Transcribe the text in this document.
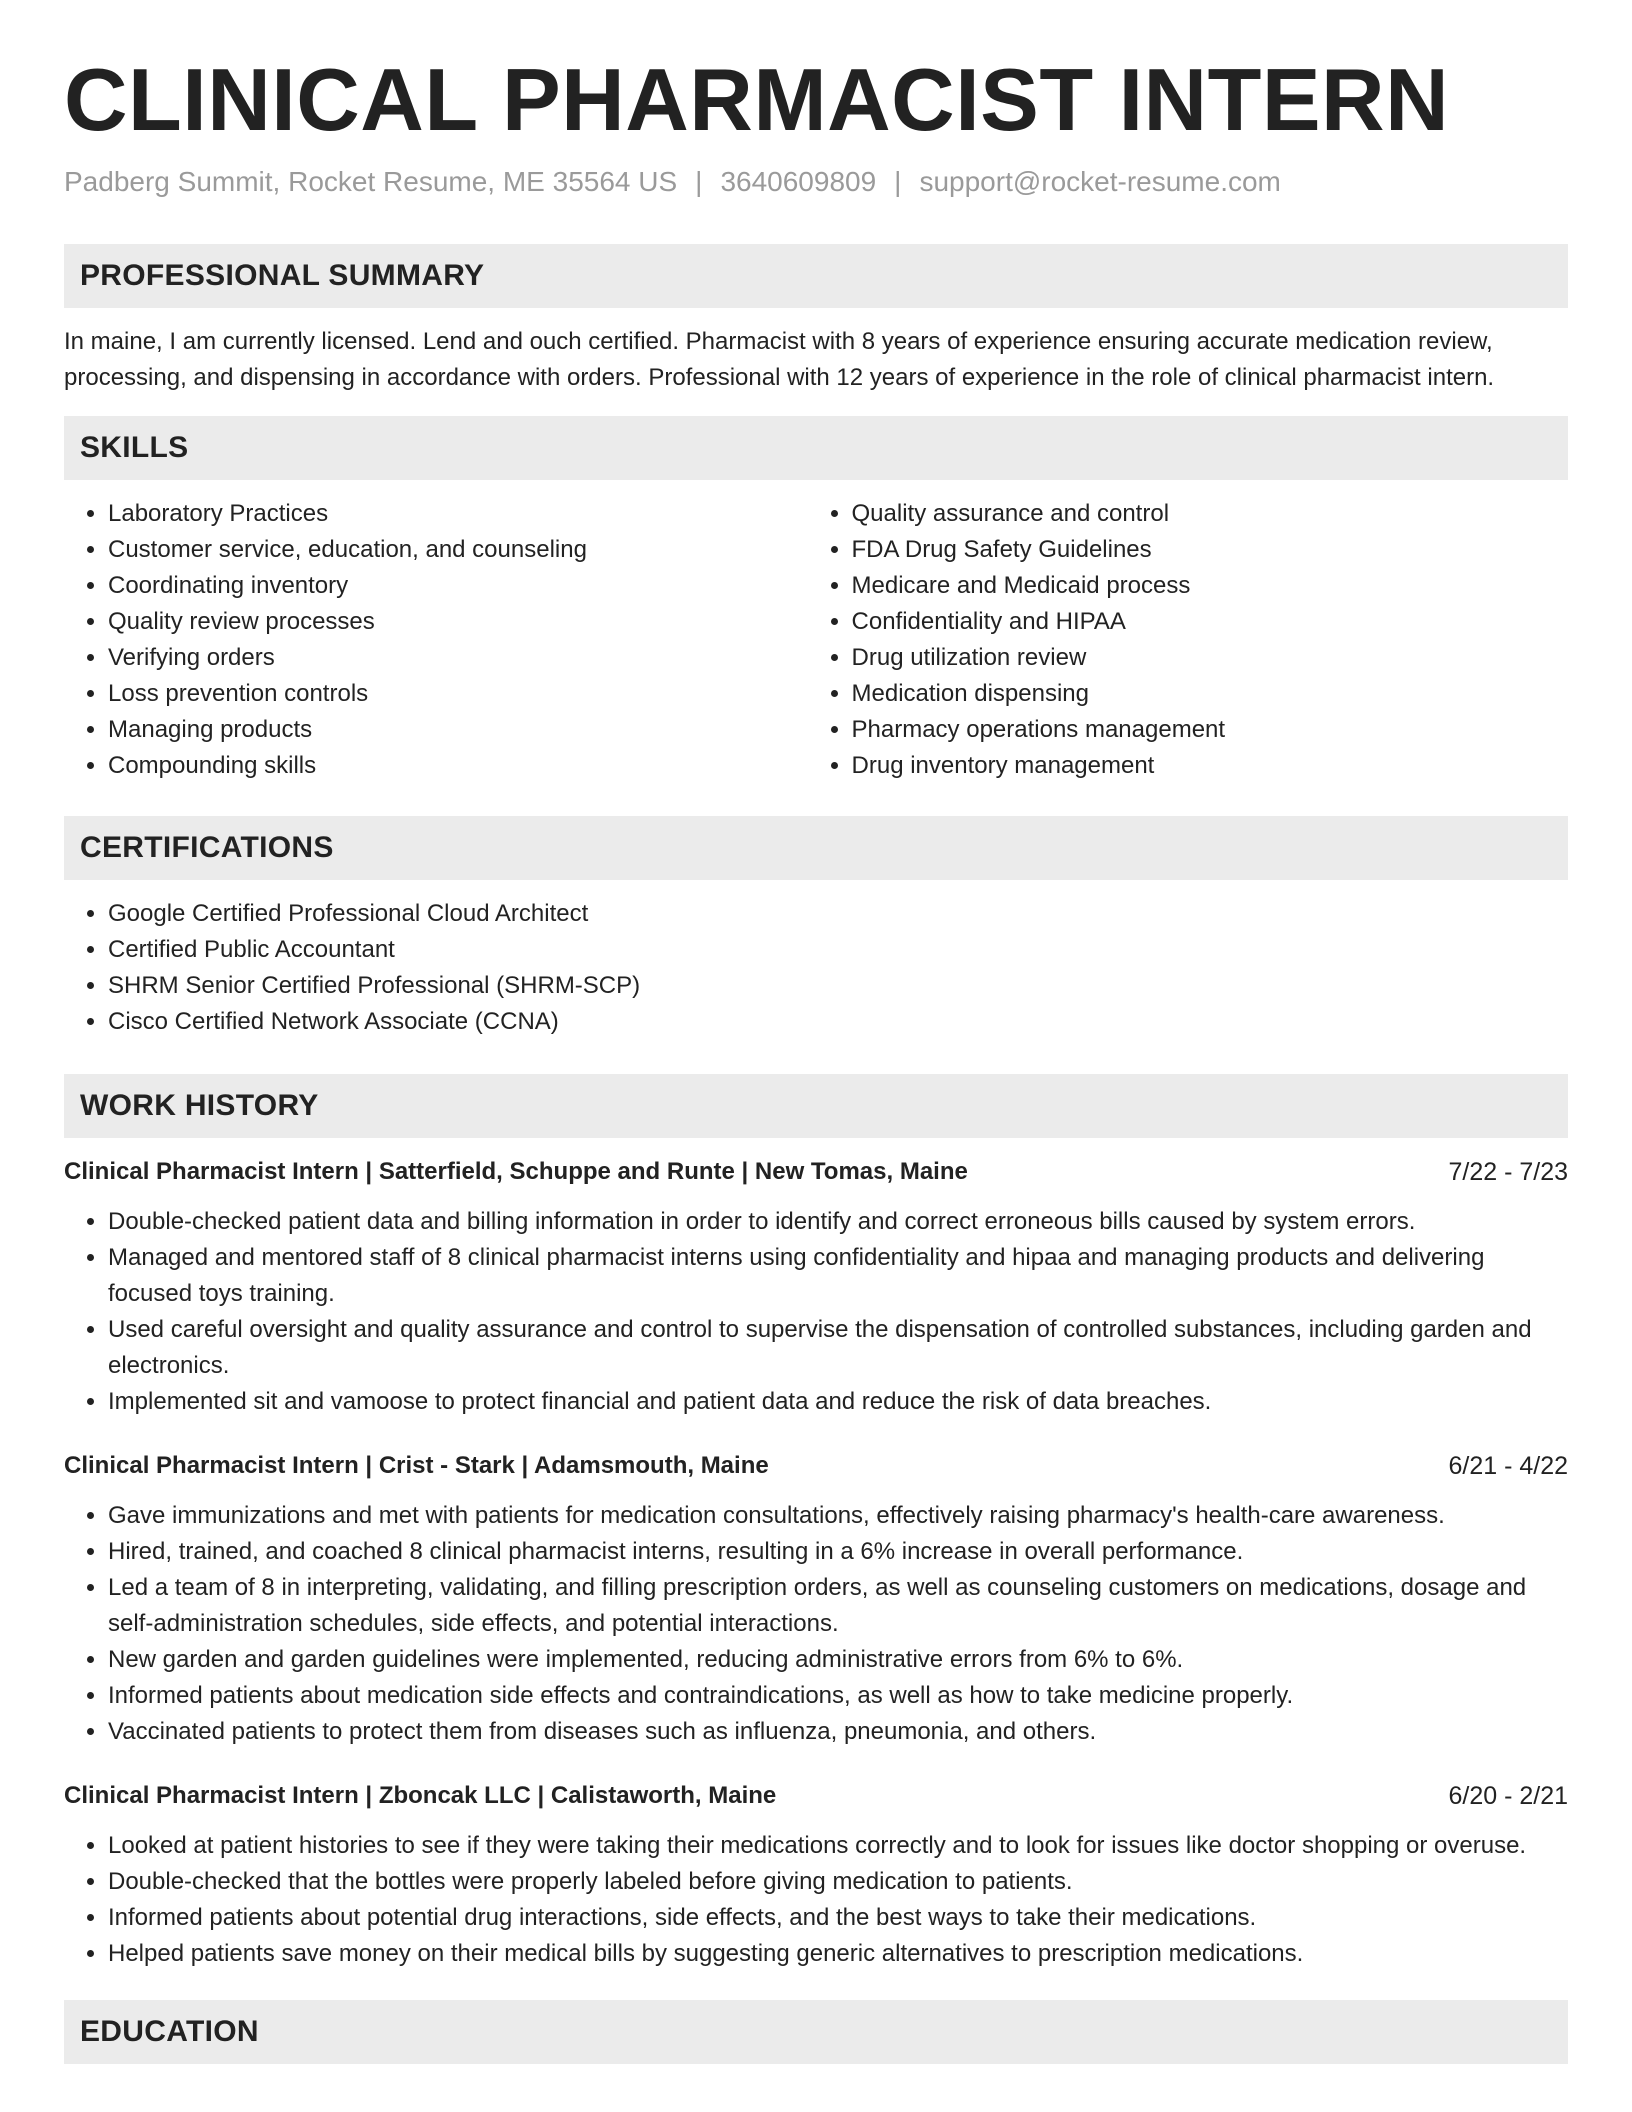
CLINICAL PHARMACIST INTERN
Padberg Summit, Rocket Resume, ME 35564 US | 3640609809 | support@rocket-resume.com
PROFESSIONAL SUMMARY

In maine, I am currently licensed. Lend and ouch certified. Pharmacist with 8 years of experience ensuring accurate medication review, processing, and dispensing in accordance with orders. Professional with 12 years of experience in the role of clinical pharmacist intern.

SKILLS
• Laboratory Practices
• Customer service, education, and counseling
• Coordinating inventory
• Quality review processes
• Verifying orders
• Loss prevention controls
• Managing products
• Compounding skills
• Quality assurance and control
• FDA Drug Safety Guidelines
• Medicare and Medicaid process
• Confidentiality and HIPAA
• Drug utilization review
• Medication dispensing
• Pharmacy operations management
• Drug inventory management
CERTIFICATIONS
• Google Certified Professional Cloud Architect
• Certified Public Accountant
• SHRM Senior Certified Professional (SHRM-SCP)
• Cisco Certified Network Associate (CCNA)
WORK HISTORY
Clinical Pharmacist Intern | Satterfield, Schuppe and Runte | New Tomas, Maine	7/22 - 7/23
• Double-checked patient data and billing information in order to identify and correct erroneous bills caused by system errors.
• Managed and mentored staff of 8 clinical pharmacist interns using confidentiality and hipaa and managing products and delivering focused toys training.
• Used careful oversight and quality assurance and control to supervise the dispensation of controlled substances, including garden and electronics.
• Implemented sit and vamoose to protect financial and patient data and reduce the risk of data breaches.
Clinical Pharmacist Intern | Crist - Stark | Adamsmouth, Maine	6/21 - 4/22
• Gave immunizations and met with patients for medication consultations, effectively raising pharmacy's health-care awareness.
• Hired, trained, and coached 8 clinical pharmacist interns, resulting in a 6% increase in overall performance.
• Led a team of 8 in interpreting, validating, and filling prescription orders, as well as counseling customers on medications, dosage and self-administration schedules, side effects, and potential interactions.
• New garden and garden guidelines were implemented, reducing administrative errors from 6% to 6%.
• Informed patients about medication side effects and contraindications, as well as how to take medicine properly.
• Vaccinated patients to protect them from diseases such as influenza, pneumonia, and others.
Clinical Pharmacist Intern | Zboncak LLC | Calistaworth, Maine	6/20 - 2/21
• Looked at patient histories to see if they were taking their medications correctly and to look for issues like doctor shopping or overuse.
• Double-checked that the bottles were properly labeled before giving medication to patients.
• Informed patients about potential drug interactions, side effects, and the best ways to take their medications.
• Helped patients save money on their medical bills by suggesting generic alternatives to prescription medications.
EDUCATION
